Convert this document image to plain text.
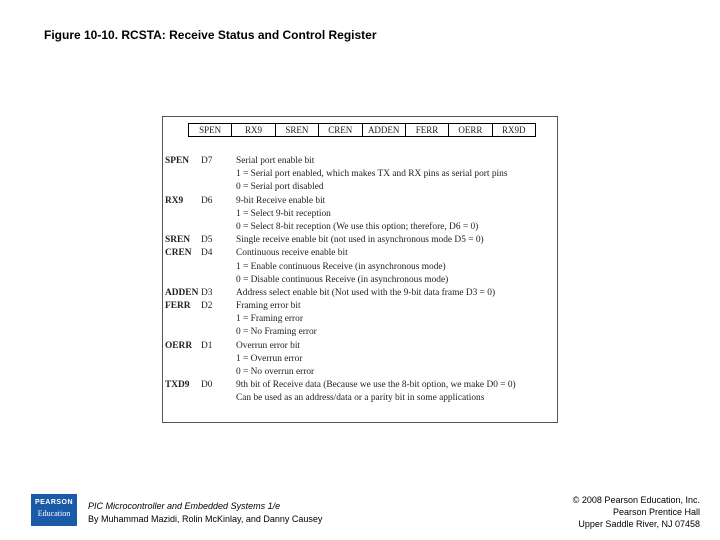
Figure 10-10. RCSTA: Receive Status and Control Register
SPEN	RX9	SREN	CREN	ADDEN	FERR	OERR	RX9D
SPEN D7	Serial port enable bit
1 = Serial port enabled, which makes TX and RX pins as serial port pins
0 = Serial port disabled
RX9 D6	9-bit Receive enable bit
1 = Select 9-bit reception
0 = Select 8-bit reception (We use this option; therefore, D6 = 0)
SREN D5	Single receive enable bit (not used in asynchronous mode D5 = 0)
CREN D4	Continuous receive enable bit
1 = Enable continuous Receive (in asynchronous mode)
0 = Disable continuous Receive (in asynchronous mode)
ADDEN D3	Address select enable bit (Not used with the 9-bit data frame D3 = 0)
FERR D2	Framing error bit
1 = Framing error
0 = No Framing error
OERR D1	Overrun error bit
1 = Overrun error
0 = No overrun error
TXD9 D0	9th bit of Receive data (Because we use the 8-bit option, we make D0 = 0)
Can be used as an address/data or a parity bit in some applications
PEARSON
Education
PIC Microcontroller and Embedded Systems 1/e
By Muhammad Mazidi, Rolin McKinlay, and Danny Causey
© 2008 Pearson Education, Inc.
Pearson Prentice Hall
Upper Saddle River, NJ 07458
